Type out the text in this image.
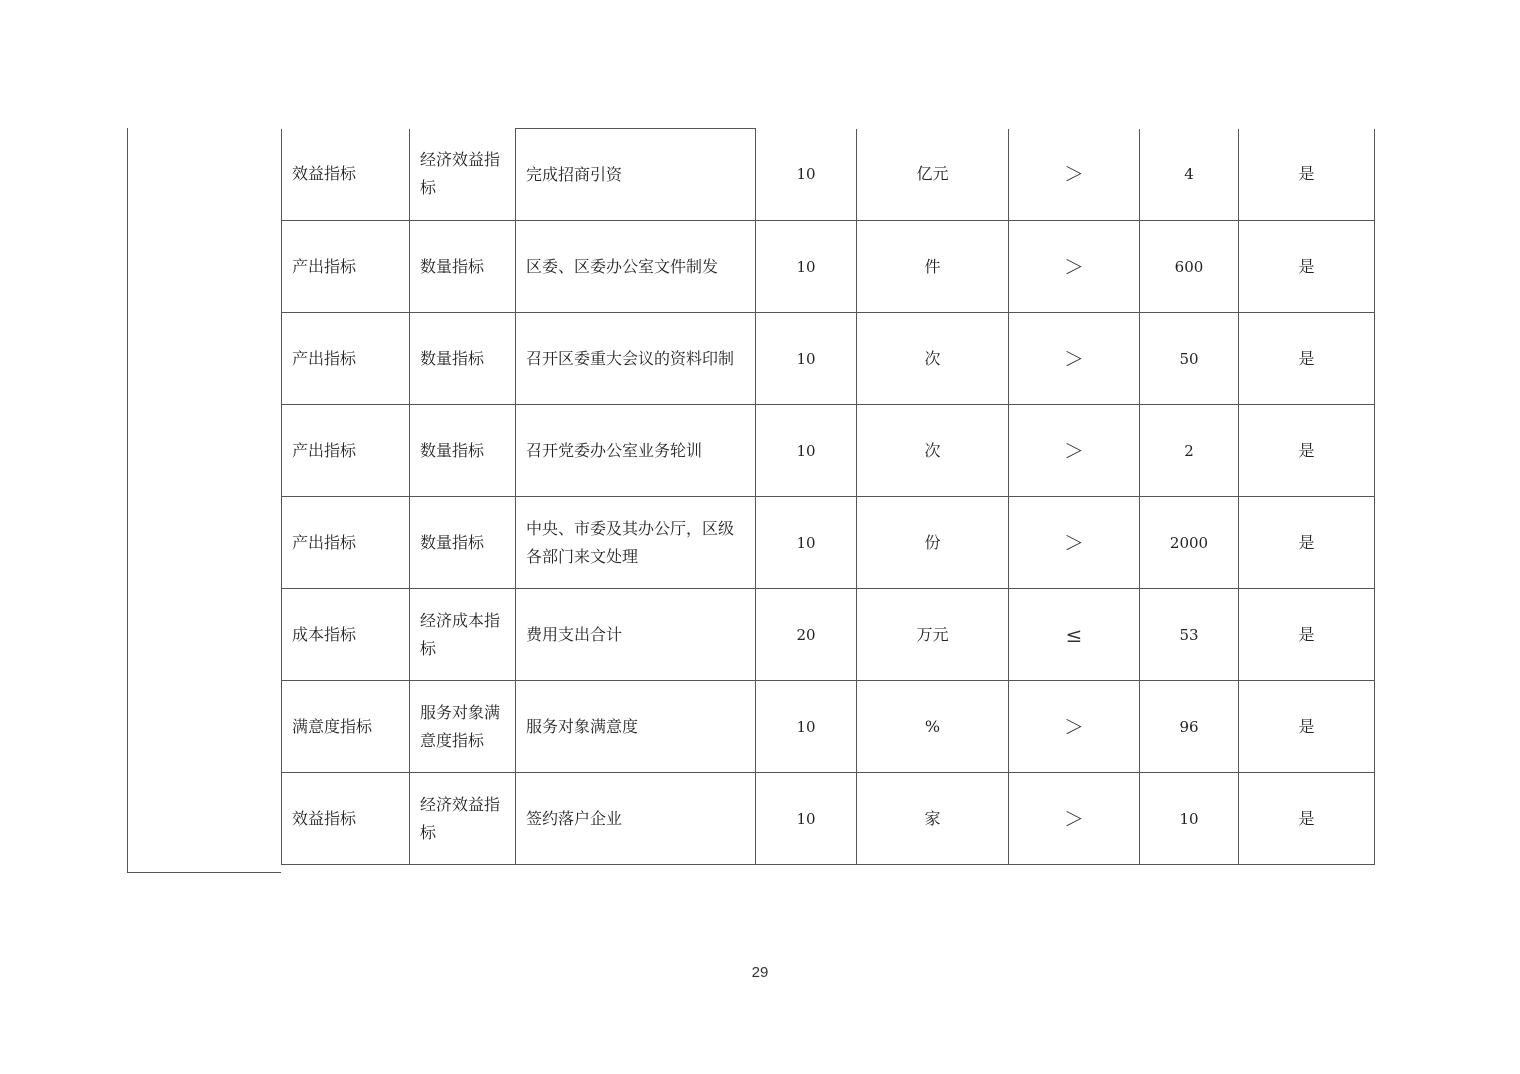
效益指标	经济效益指标	完成招商引资	10	亿元	＞	4	是
产出指标	数量指标	区委、区委办公室文件制发	10	件	＞	600	是
产出指标	数量指标	召开区委重大会议的资料印制	10	次	＞	50	是
产出指标	数量指标	召开党委办公室业务轮训	10	次	＞	2	是
产出指标	数量指标	中央、市委及其办公厅，区级各部门来文处理	10	份	＞	2000	是
成本指标	经济成本指标	费用支出合计	20	万元	≤	53	是
满意度指标	服务对象满意度指标	服务对象满意度	10	%	＞	96	是
效益指标	经济效益指标	签约落户企业	10	家	＞	10	是
29
